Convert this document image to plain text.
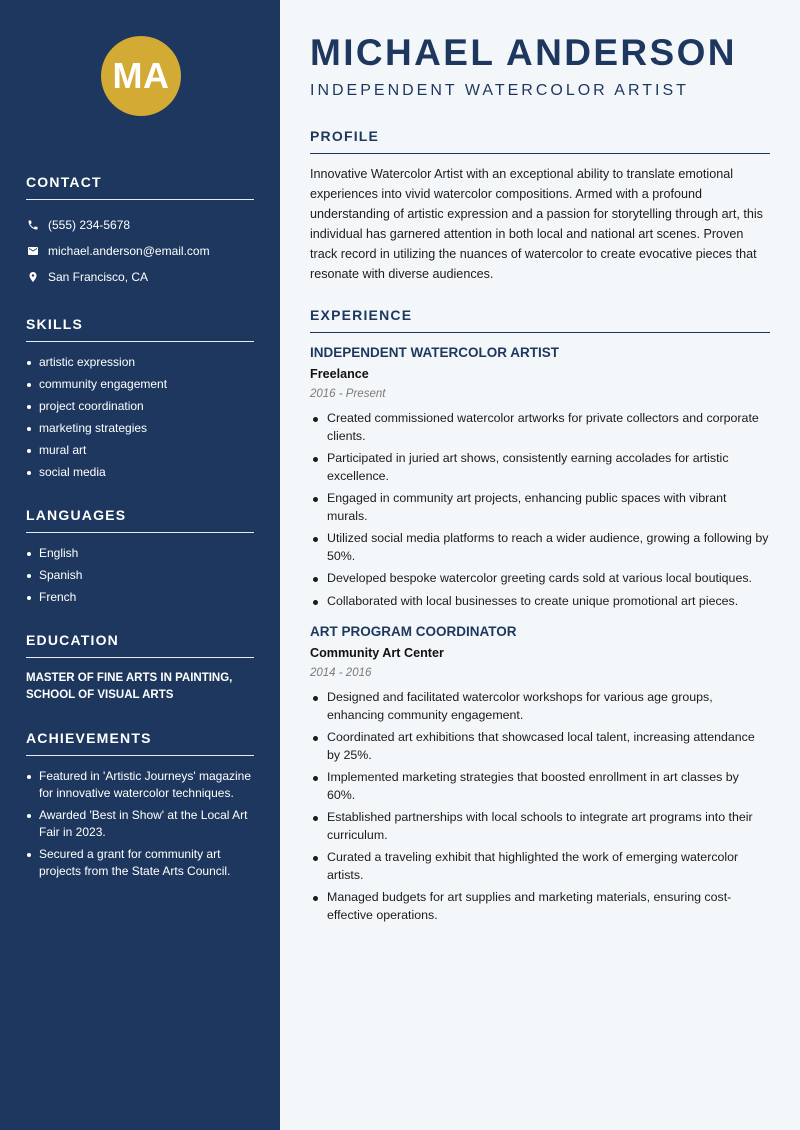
MA
CONTACT
(555) 234-5678
michael.anderson@email.com
San Francisco, CA
SKILLS
artistic expression
community engagement
project coordination
marketing strategies
mural art
social media
LANGUAGES
English
Spanish
French
EDUCATION

MASTER OF FINE ARTS IN PAINTING, SCHOOL OF VISUAL ARTS

ACHIEVEMENTS
Featured in 'Artistic Journeys' magazine for innovative watercolor techniques.
Awarded 'Best in Show' at the Local Art Fair in 2023.
Secured a grant for community art projects from the State Arts Council.
MICHAEL ANDERSON
INDEPENDENT WATERCOLOR ARTIST
PROFILE

Innovative Watercolor Artist with an exceptional ability to translate emotional experiences into vivid watercolor compositions. Armed with a profound understanding of artistic expression and a passion for storytelling through art, this individual has garnered attention in both local and national art scenes. Proven track record in utilizing the nuances of watercolor to create evocative pieces that resonate with diverse audiences.

EXPERIENCE
INDEPENDENT WATERCOLOR ARTIST
Freelance
2016 - Present
Created commissioned watercolor artworks for private collectors and corporate clients.
Participated in juried art shows, consistently earning accolades for artistic excellence.
Engaged in community art projects, enhancing public spaces with vibrant murals.
Utilized social media platforms to reach a wider audience, growing a following by 50%.
Developed bespoke watercolor greeting cards sold at various local boutiques.
Collaborated with local businesses to create unique promotional art pieces.
ART PROGRAM COORDINATOR
Community Art Center
2014 - 2016
Designed and facilitated watercolor workshops for various age groups, enhancing community engagement.
Coordinated art exhibitions that showcased local talent, increasing attendance by 25%.
Implemented marketing strategies that boosted enrollment in art classes by 60%.
Established partnerships with local schools to integrate art programs into their curriculum.
Curated a traveling exhibit that highlighted the work of emerging watercolor artists.
Managed budgets for art supplies and marketing materials, ensuring cost-effective operations.
